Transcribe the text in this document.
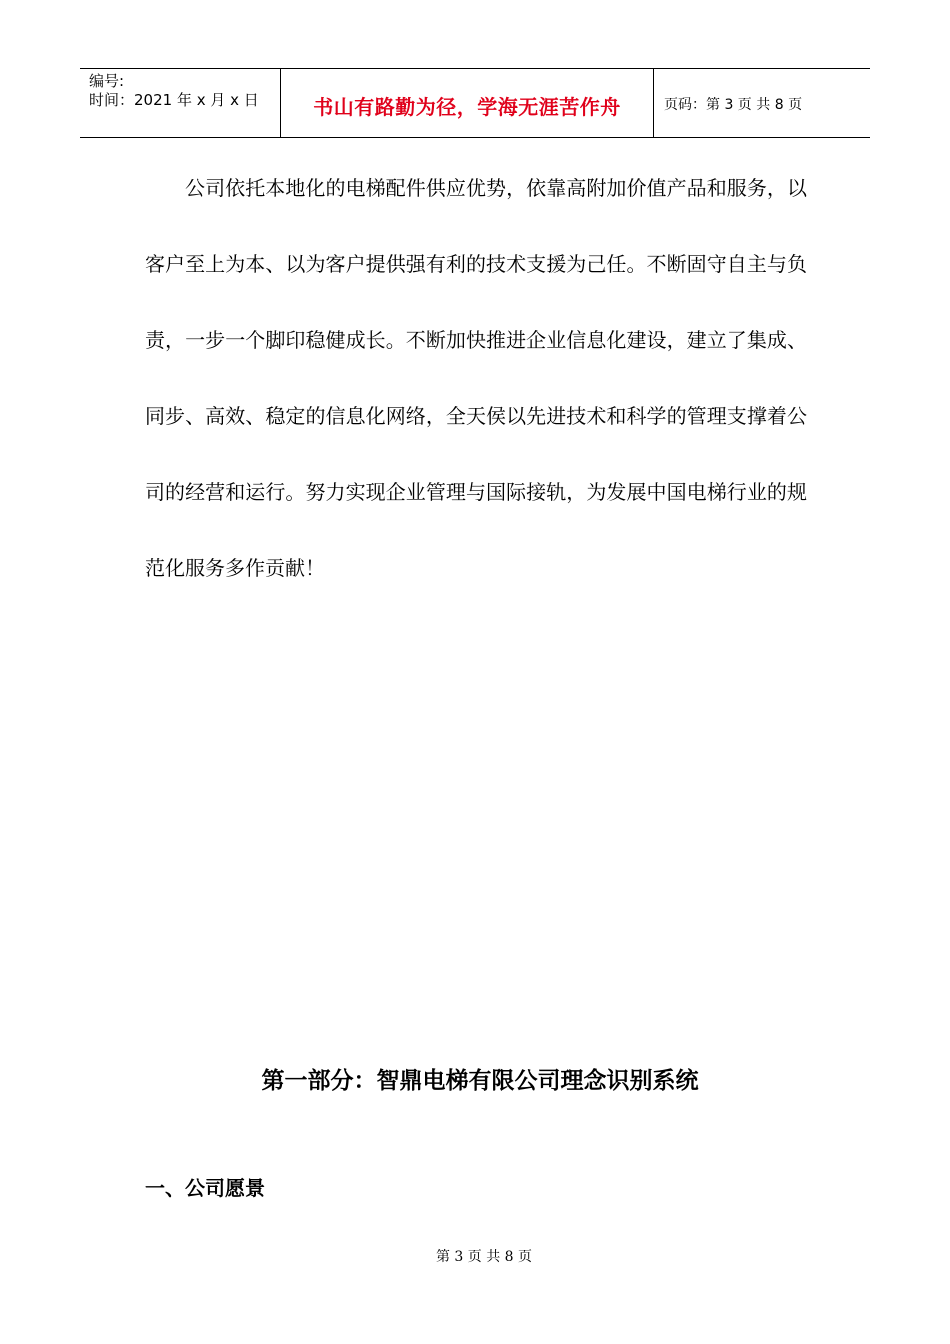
编号:
时间：2021 年 x 月 x 日	书山有路勤为径，学海无涯苦作舟	页码：第 3 页 共 8 页

公司依托本地化的电梯配件供应优势，依靠高附加价值产品和服务，以客户至上为本、以为客户提供强有利的技术支援为己任。不断固守自主与负责，一步一个脚印稳健成长。不断加快推进企业信息化建设，建立了集成、同步、高效、稳定的信息化网络，全天侯以先进技术和科学的管理支撑着公司的经营和运行。努力实现企业管理与国际接轨，为发展中国电梯行业的规范化服务多作贡献！

第一部分：智鼎电梯有限公司理念识别系统
一、公司愿景
第 3 页 共 8 页
